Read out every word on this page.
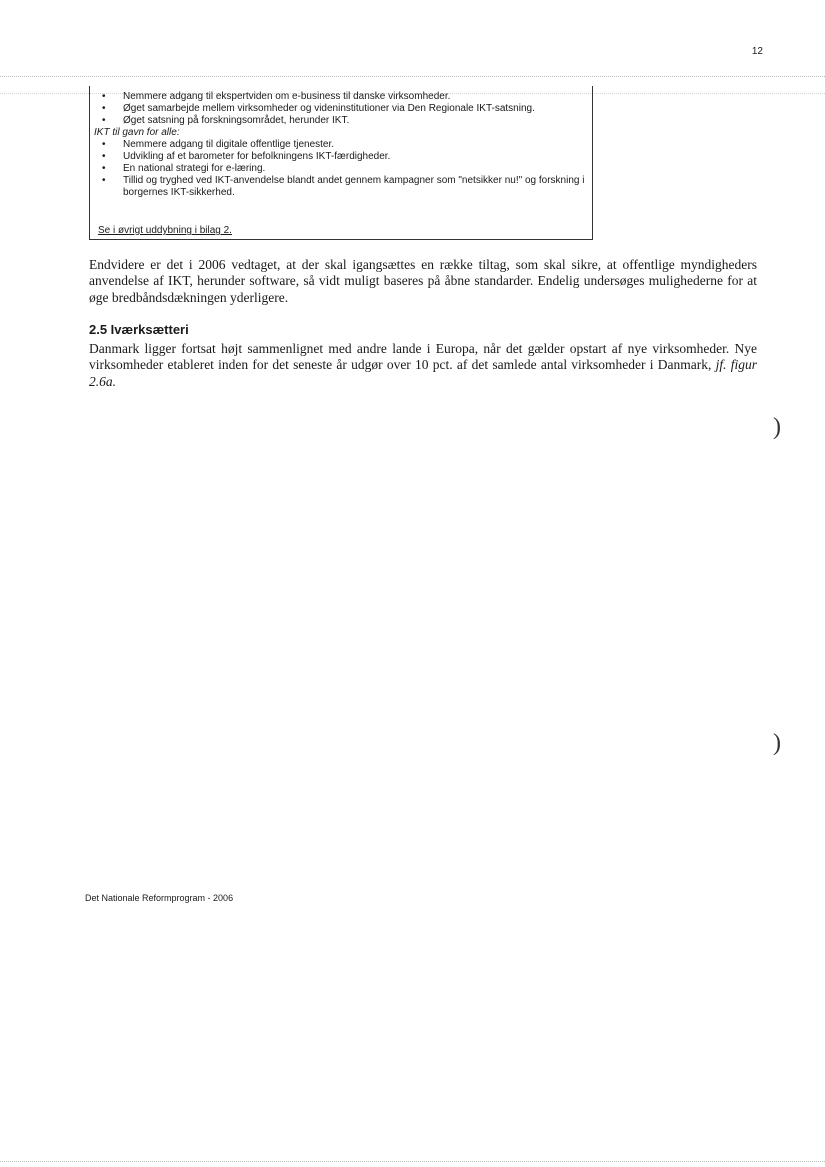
12
• Nemmere adgang til ekspertviden om e-business til danske virksomheder.
• Øget samarbejde mellem virksomheder og videninstitutioner via Den Regionale IKT-satsning.
• Øget satsning på forskningsområdet, herunder IKT.
IKT til gavn for alle:
• Nemmere adgang til digitale offentlige tjenester.
• Udvikling af et barometer for befolkningens IKT-færdigheder.
• En national strategi for e-læring.
• Tillid og tryghed ved IKT-anvendelse blandt andet gennem kampagner som "netsikker nu!" og forskning i borgernes IKT-sikkerhed.
Se i øvrigt uddybning i bilag 2.

Endvidere er det i 2006 vedtaget, at der skal igangsættes en række tiltag, som skal sikre, at offentlige myndigheders anvendelse af IKT, herunder software, så vidt muligt baseres på åbne standarder. Endelig undersøges mulighederne for at øge bredbåndsdækningen yderligere.

2.5 Iværksætteri

Danmark ligger fortsat højt sammenlignet med andre lande i Europa, når det gælder opstart af nye virksomheder. Nye virksomheder etableret inden for det seneste år udgør over 10 pct. af det samlede antal virksomheder i Danmark, jf. figur 2.6a.

)
)
Det Nationale Reformprogram - 2006
